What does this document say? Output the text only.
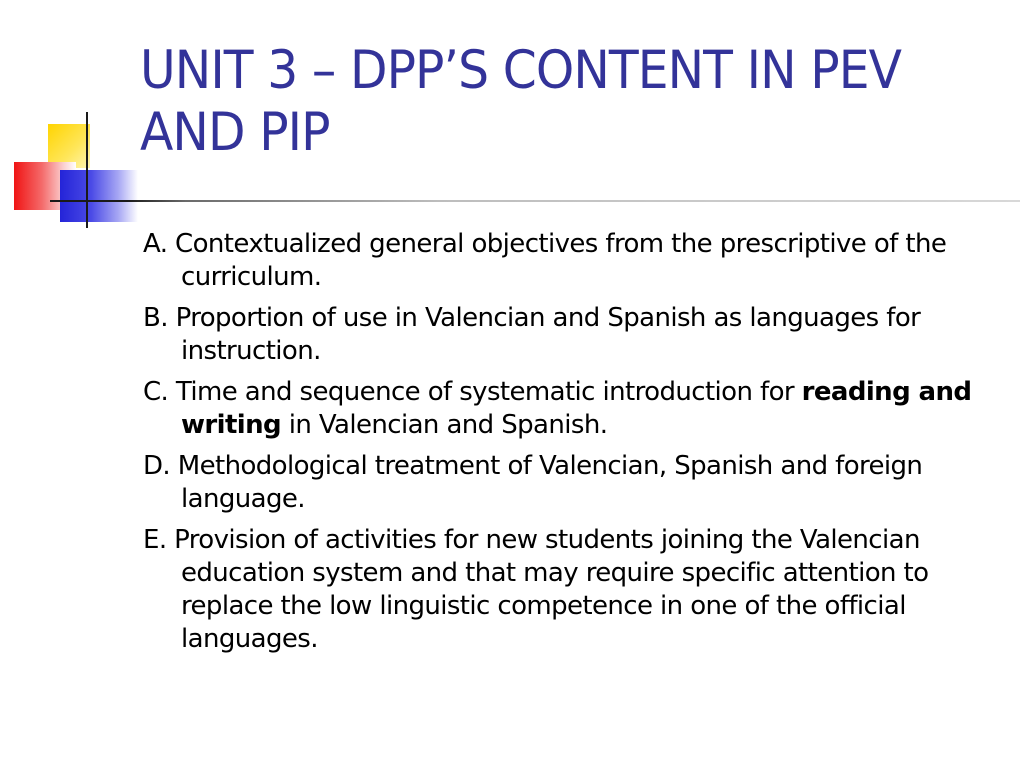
UNIT 3 – DPP’S CONTENT IN PEV AND PIP
A. Contextualized general objectives from the prescriptive of the curriculum.
B. Proportion of use in Valencian and Spanish as languages for instruction.
C. Time and sequence of systematic introduction for reading and writing in Valencian and Spanish.
D. Methodological treatment of Valencian, Spanish and foreign language.
E. Provision of activities for new students joining the Valencian education system and that may require specific attention to replace the low linguistic competence in one of the official languages.
